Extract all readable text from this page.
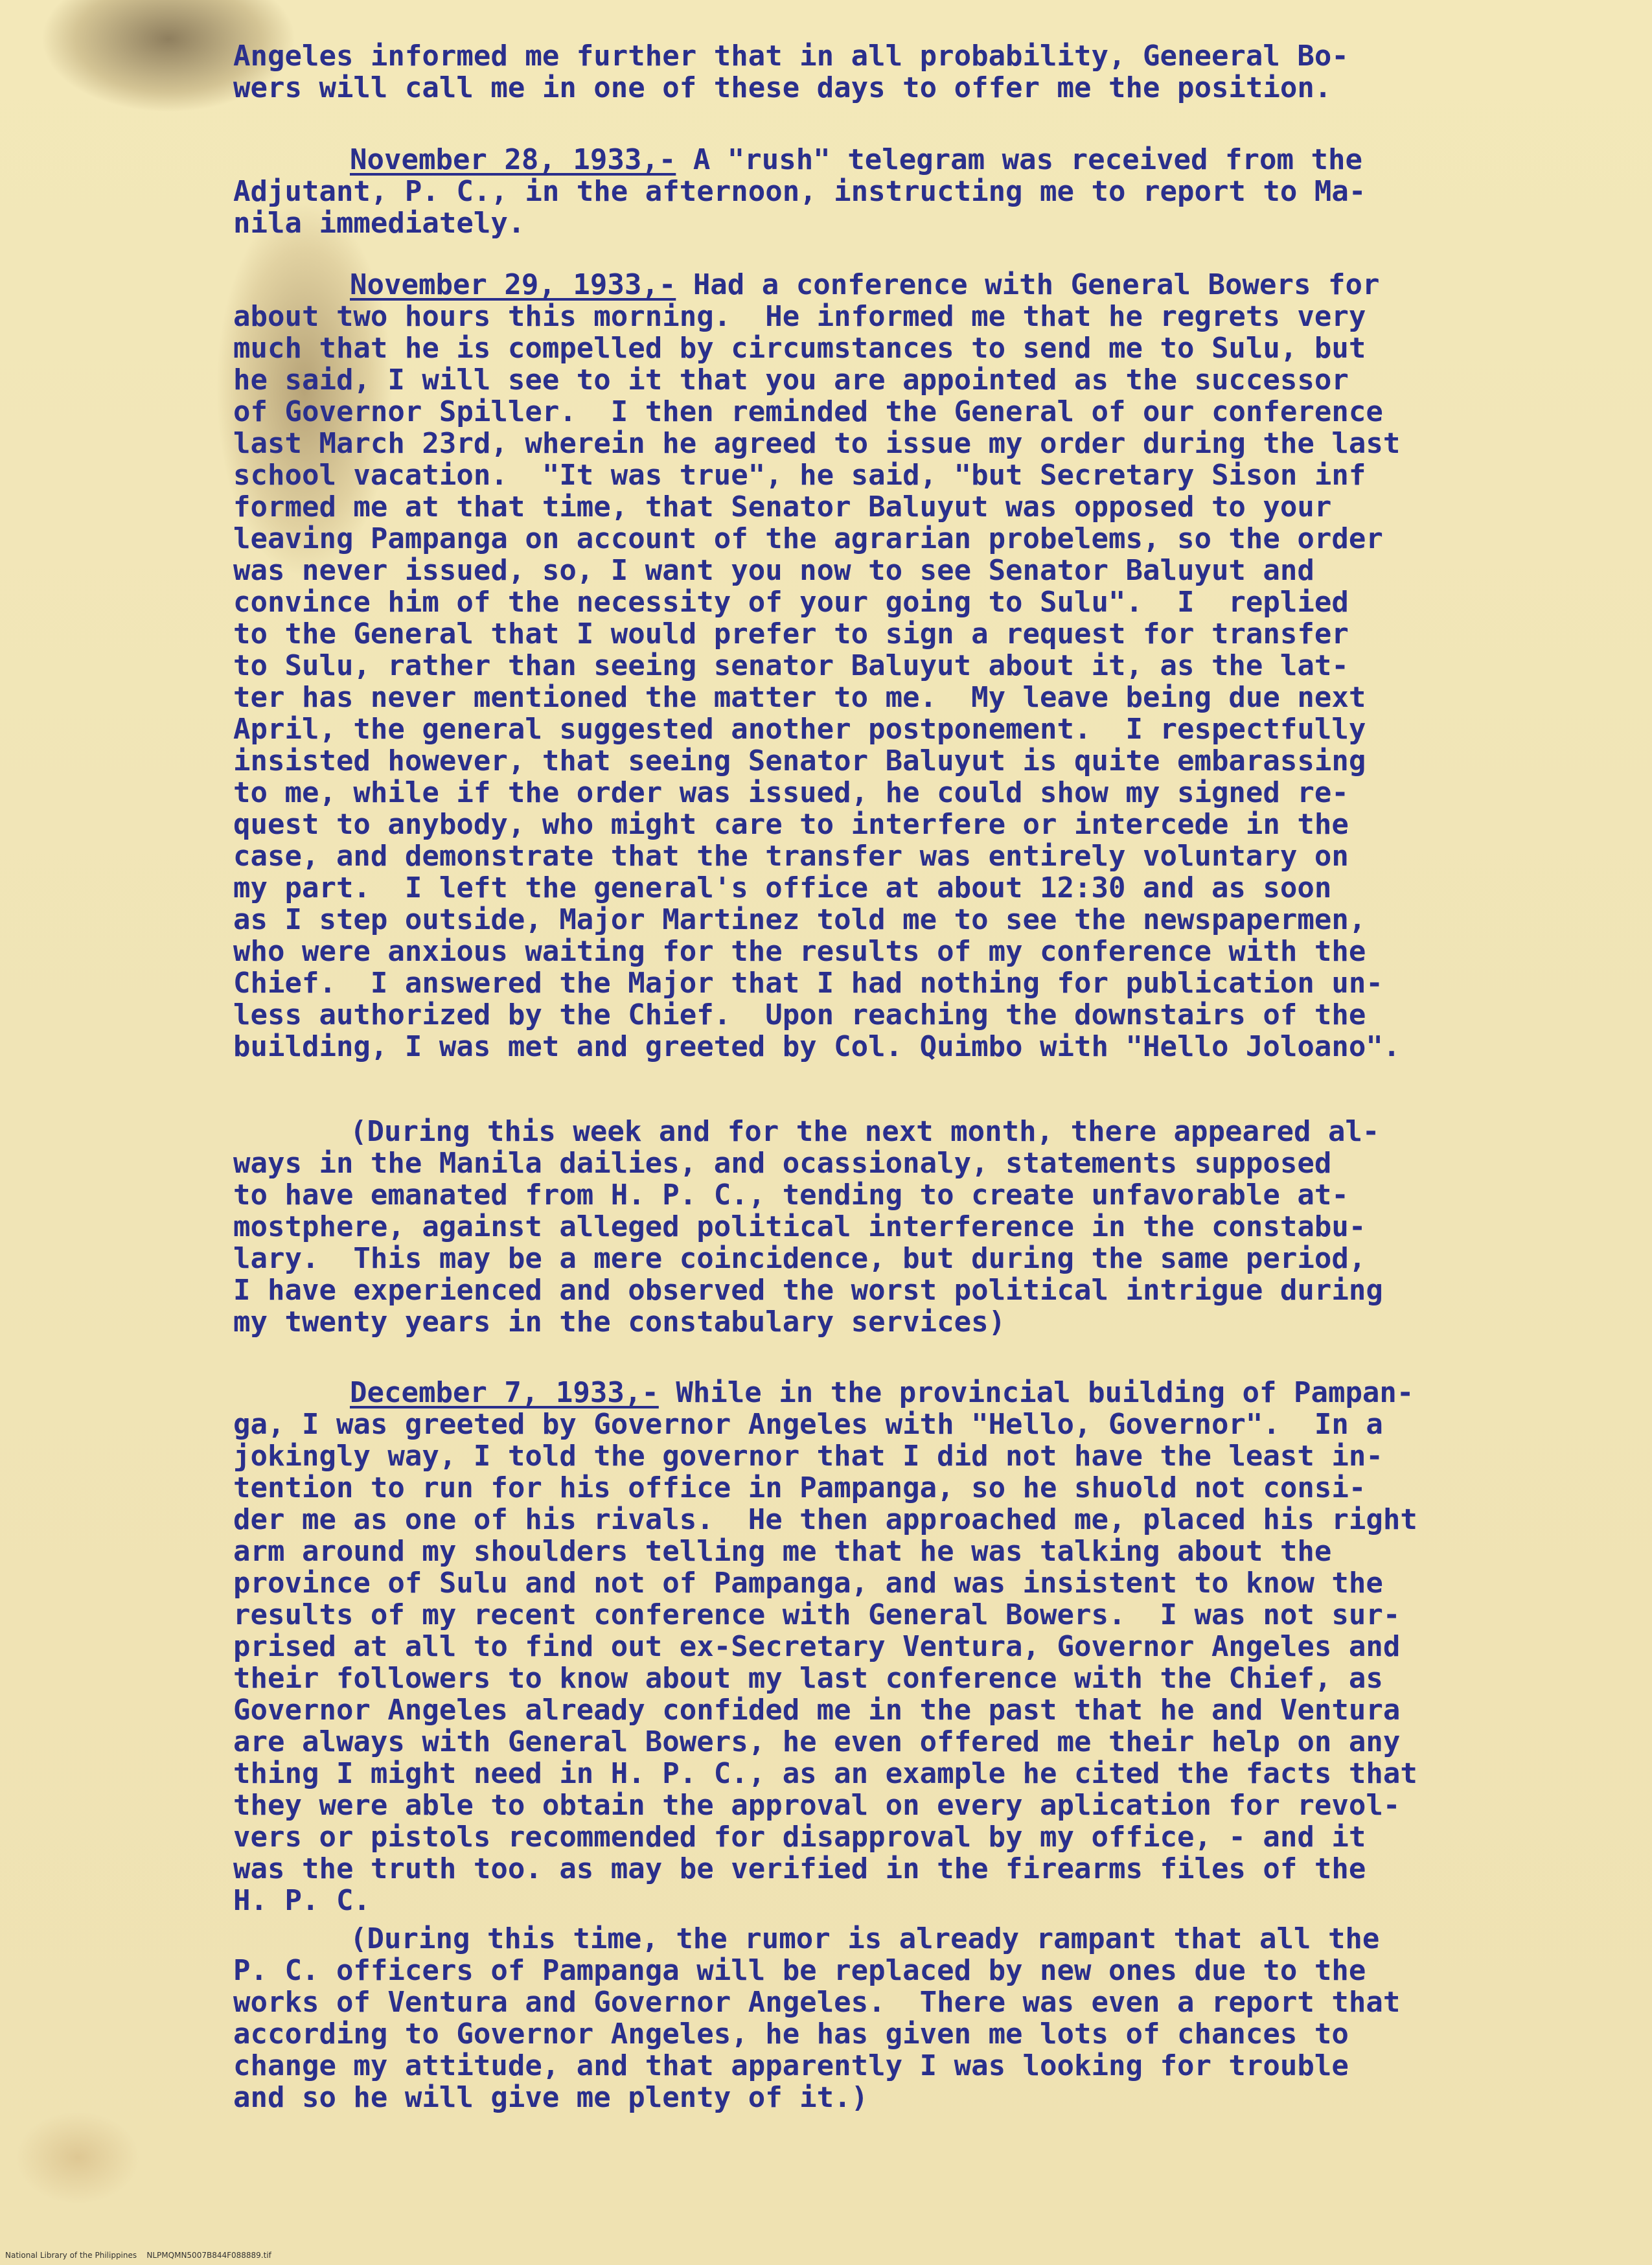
Angeles informed me further that in all probability, Geneeral Bo-
wers will call me in one of these days to offer me the position.
November 28, 1933,- A "rush" telegram was received from the
Adjutant, P. C., in the afternoon, instructing me to report to Ma-
nila immediately.
November 29, 1933,- Had a conference with General Bowers for
about two hours this morning.  He informed me that he regrets very
much that he is compelled by circumstances to send me to Sulu, but
he said, I will see to it that you are appointed as the successor
of Governor Spiller.  I then reminded the General of our conference
last March 23rd, wherein he agreed to issue my order during the last
school vacation.  "It was true", he said, "but Secretary Sison inf
formed me at that time, that Senator Baluyut was opposed to your
leaving Pampanga on account of the agrarian probelems, so the order
was never issued, so, I want you now to see Senator Baluyut and
convince him of the necessity of your going to Sulu".  I  replied
to the General that I would prefer to sign a request for transfer
to Sulu, rather than seeing senator Baluyut about it, as the lat-
ter has never mentioned the matter to me.  My leave being due next
April, the general suggested another postponement.  I respectfully
insisted however, that seeing Senator Baluyut is quite embarassing
to me, while if the order was issued, he could show my signed re-
quest to anybody, who might care to interfere or intercede in the
case, and demonstrate that the transfer was entirely voluntary on
my part.  I left the general's office at about 12:30 and as soon
as I step outside, Major Martinez told me to see the newspapermen,
who were anxious waiting for the results of my conference with the
Chief.  I answered the Major that I had nothing for publication un-
less authorized by the Chief.  Upon reaching the downstairs of the
building, I was met and greeted by Col. Quimbo with "Hello Joloano".
(During this week and for the next month, there appeared al-
ways in the Manila dailies, and ocassionaly, statements supposed
to have emanated from H. P. C., tending to create unfavorable at-
mostphere, against alleged political interference in the constabu-
lary.  This may be a mere coincidence, but during the same period,
I have experienced and observed the worst political intrigue during
my twenty years in the constabulary services)
December 7, 1933,- While in the provincial building of Pampan-
ga, I was greeted by Governor Angeles with "Hello, Governor".  In a
jokingly way, I told the governor that I did not have the least in-
tention to run for his office in Pampanga, so he shuold not consi-
der me as one of his rivals.  He then approached me, placed his right
arm around my shoulders telling me that he was talking about the
province of Sulu and not of Pampanga, and was insistent to know the
results of my recent conference with General Bowers.  I was not sur-
prised at all to find out ex-Secretary Ventura, Governor Angeles and
their followers to know about my last conference with the Chief, as
Governor Angeles already confided me in the past that he and Ventura
are always with General Bowers, he even offered me their help on any
thing I might need in H. P. C., as an example he cited the facts that
they were able to obtain the approval on every aplication for revol-
vers or pistols recommended for disapproval by my office, - and it
was the truth too. as may be verified in the firearms files of the
H. P. C.
(During this time, the rumor is already rampant that all the
P. C. officers of Pampanga will be replaced by new ones due to the
works of Ventura and Governor Angeles.  There was even a report that
according to Governor Angeles, he has given me lots of chances to
change my attitude, and that apparently I was looking for trouble
and so he will give me plenty of it.)
National Library of the Philippines    NLPMQMN5007B844F088889.tif
